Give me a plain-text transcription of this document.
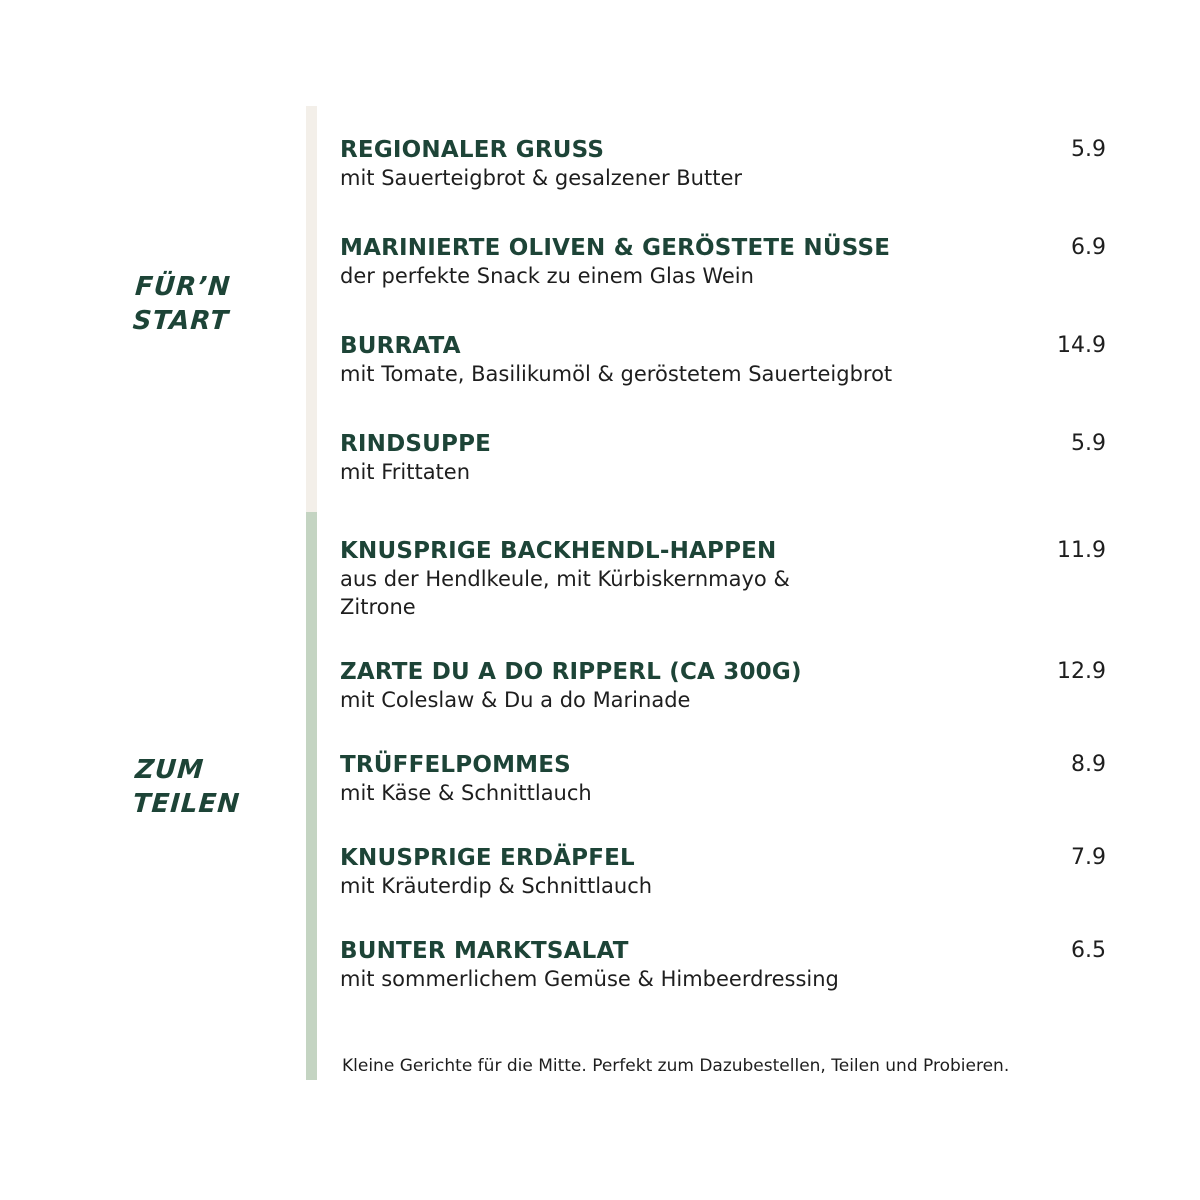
FÜR’N
START

ZUM
TEILEN

REGIONALER GRUSS
mit Sauerteigbrot & gesalzener Butter
5.9
MARINIERTE OLIVEN & GERÖSTETE NÜSSE
der perfekte Snack zu einem Glas Wein
6.9
BURRATA
mit Tomate, Basilikumöl & geröstetem Sauerteigbrot
14.9
RINDSUPPE
mit Frittaten
5.9
KNUSPRIGE BACKHENDL-HAPPEN
aus der Hendlkeule, mit Kürbiskernmayo & Zitrone
11.9
ZARTE DU A DO RIPPERL (CA 300G)
mit Coleslaw & Du a do Marinade
12.9
TRÜFFELPOMMES
mit Käse & Schnittlauch
8.9
KNUSPRIGE ERDÄPFEL
mit Kräuterdip & Schnittlauch
7.9
BUNTER MARKTSALAT
mit sommerlichem Gemüse & Himbeerdressing
6.5
Kleine Gerichte für die Mitte. Perfekt zum Dazubestellen, Teilen und Probieren.
